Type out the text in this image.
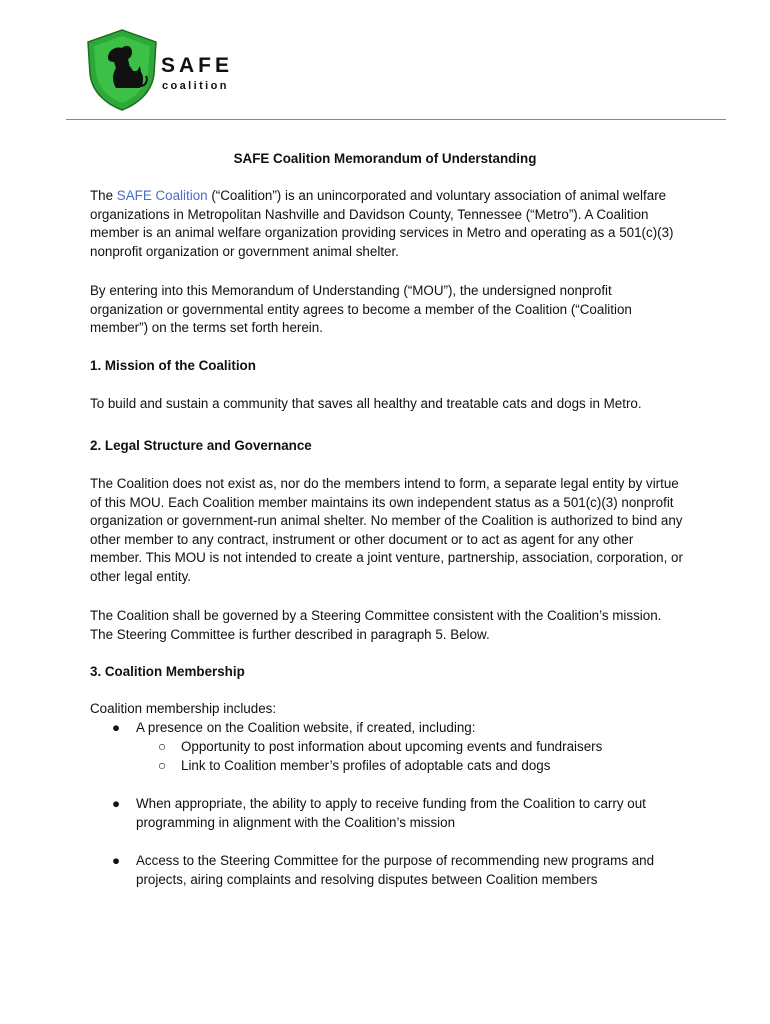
SAFE
coalition
SAFE Coalition Memorandum of Understanding

The SAFE Coalition (“Coalition”) is an unincorporated and voluntary association of animal welfare organizations in Metropolitan Nashville and Davidson County, Tennessee (“Metro”). A Coalition member is an animal welfare organization providing services in Metro and operating as a 501(c)(3) nonprofit organization or government animal shelter.

By entering into this Memorandum of Understanding (“MOU”), the undersigned nonprofit organization or governmental entity agrees to become a member of the Coalition (“Coalition member”) on the terms set forth herein.

1. Mission of the Coalition

To build and sustain a community that saves all healthy and treatable cats and dogs in Metro.

2. Legal Structure and Governance

The Coalition does not exist as, nor do the members intend to form, a separate legal entity by virtue of this MOU. Each Coalition member maintains its own independent status as a 501(c)(3) nonprofit organization or government-run animal shelter. No member of the Coalition is authorized to bind any other member to any contract, instrument or other document or to act as agent for any other member. This MOU is not intended to create a joint venture, partnership, association, corporation, or other legal entity.

The Coalition shall be governed by a Steering Committee consistent with the Coalition’s mission. The Steering Committee is further described in paragraph 5. Below.

3. Coalition Membership

Coalition membership includes:

●	A presence on the Coalition website, if created, including:
○ Opportunity to post information about upcoming events and fundraisers
○ Link to Coalition member’s profiles of adoptable cats and dogs
●	When appropriate, the ability to apply to receive funding from the Coalition to carry out programming in alignment with the Coalition’s mission
●	Access to the Steering Committee for the purpose of recommending new programs and projects, airing complaints and resolving disputes between Coalition members
